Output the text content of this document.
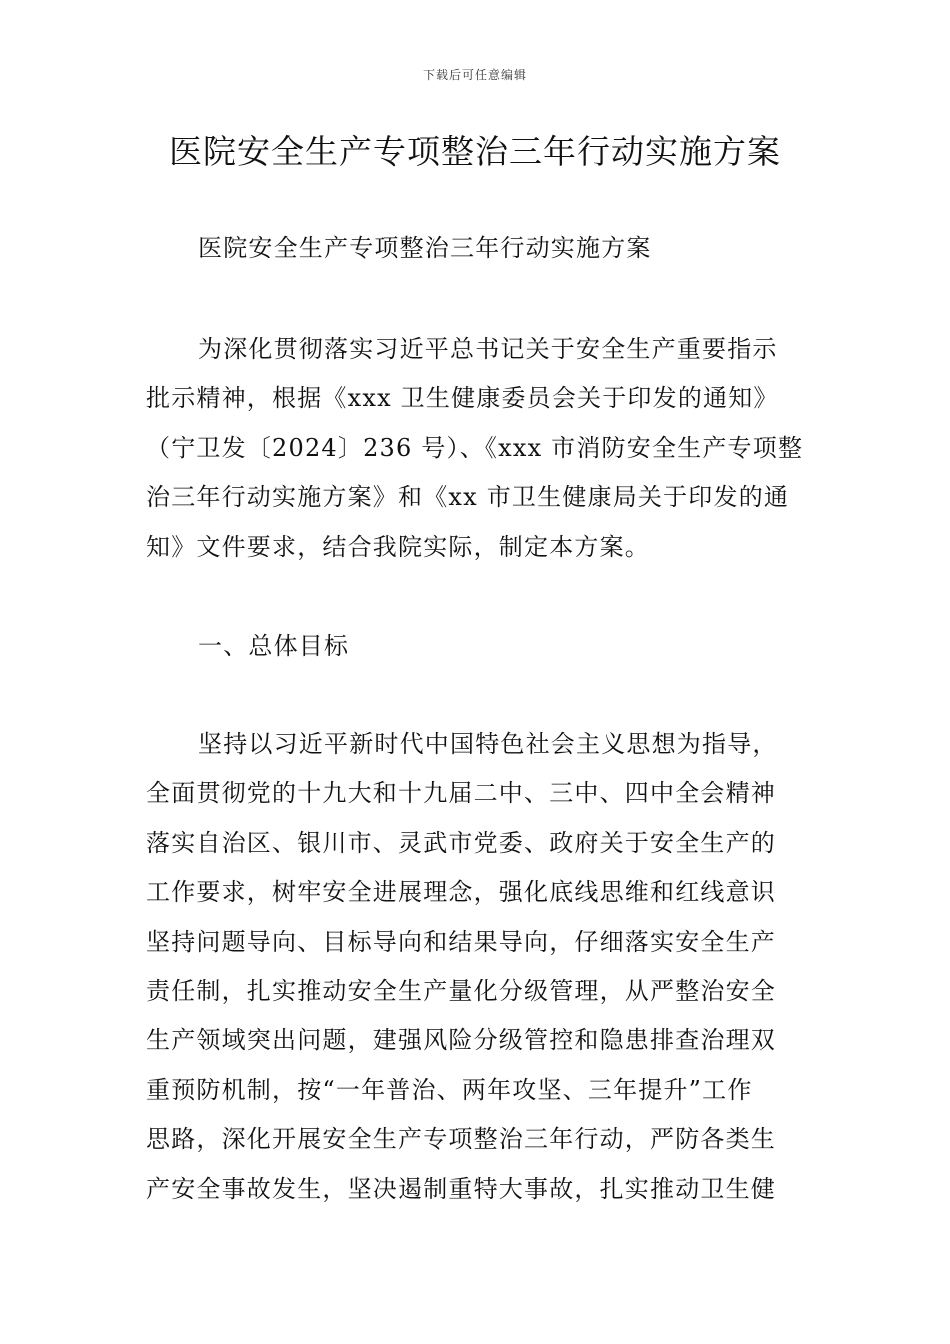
下载后可任意编辑
医院安全生产专项整治三年行动实施方案
医院安全生产专项整治三年行动实施方案
为深化贯彻落实习近平总书记关于安全生产重要指示
批示精神，根据《xxx 卫生健康委员会关于印发的通知》
（宁卫发〔2024〕236 号）、《xxx 市消防安全生产专项整
治三年行动实施方案》和《xx 市卫生健康局关于印发的通
知》文件要求，结合我院实际，制定本方案。
一、总体目标
坚持以习近平新时代中国特色社会主义思想为指导，
全面贯彻党的十九大和十九届二中、三中、四中全会精神
落实自治区、银川市、灵武市党委、政府关于安全生产的
工作要求，树牢安全进展理念，强化底线思维和红线意识
坚持问题导向、目标导向和结果导向，仔细落实安全生产
责任制，扎实推动安全生产量化分级管理，从严整治安全
生产领域突出问题，建强风险分级管控和隐患排查治理双
重预防机制，按“一年普治、两年攻坚、三年提升”工作
思路，深化开展安全生产专项整治三年行动，严防各类生
产安全事故发生，坚决遏制重特大事故，扎实推动卫生健
